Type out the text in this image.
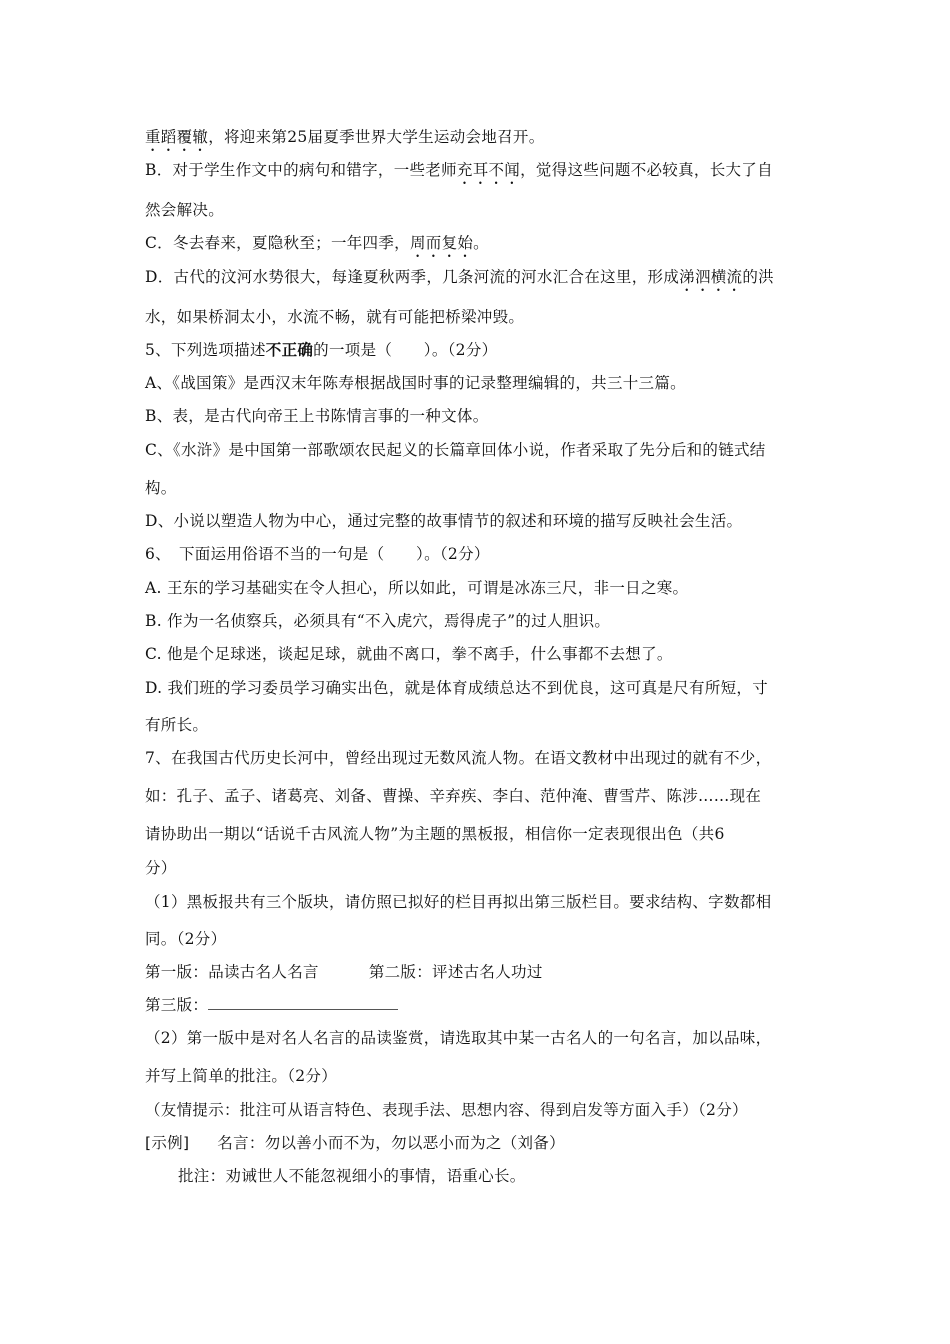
重蹈覆辙，将迎来第25届夏季世界大学生运动会地召开。
B．对于学生作文中的病句和错字，一些老师充耳不闻，觉得这些问题不必较真，长大了自
然会解决。
C．冬去春来，夏隐秋至；一年四季，周而复始。
D．古代的汶河水势很大，每逢夏秋两季，几条河流的河水汇合在这里，形成涕泗横流的洪
水，如果桥洞太小，水流不畅，就有可能把桥梁冲毁。
5、下列选项描述不正确的一项是（　　）。（2分）
A、《战国策》是西汉末年陈寿根据战国时事的记录整理编辑的，共三十三篇。
B、表，是古代向帝王上书陈情言事的一种文体。
C、《水浒》是中国第一部歌颂农民起义的长篇章回体小说，作者采取了先分后和的链式结
构。
D、小说以塑造人物为中心，通过完整的故事情节的叙述和环境的描写反映社会生活。
6、　下面运用俗语不当的一句是（　　）。（2分）
A. 王东的学习基础实在令人担心，所以如此，可谓是冰冻三尺，非一日之寒。
B. 作为一名侦察兵，必须具有“不入虎穴，焉得虎子”的过人胆识。
C. 他是个足球迷，谈起足球，就曲不离口，拳不离手，什么事都不去想了。
D. 我们班的学习委员学习确实出色，就是体育成绩总达不到优良，这可真是尺有所短，寸
有所长。
7、在我国古代历史长河中，曾经出现过无数风流人物。在语文教材中出现过的就有不少，
如：孔子、孟子、诸葛亮、刘备、曹操、辛弃疾、李白、范仲淹、曹雪芹、陈涉……现在
请协助出一期以“话说千古风流人物”为主题的黑板报，相信你一定表现很出色（共6
分）
（1）黑板报共有三个版块，请仿照已拟好的栏目再拟出第三版栏目。要求结构、字数都相
同。（2分）
第一版：品读古名人名言	第二版：评述古名人功过
第三版：
（2）第一版中是对名人名言的品读鉴赏，请选取其中某一古名人的一句名言，加以品味，
并写上简单的批注。（2分）
（友情提示：批注可从语言特色、表现手法、思想内容、得到启发等方面入手）（2分）
[示例] 名言：勿以善小而不为，勿以恶小而为之（刘备）
批注：劝诫世人不能忽视细小的事情，语重心长。
